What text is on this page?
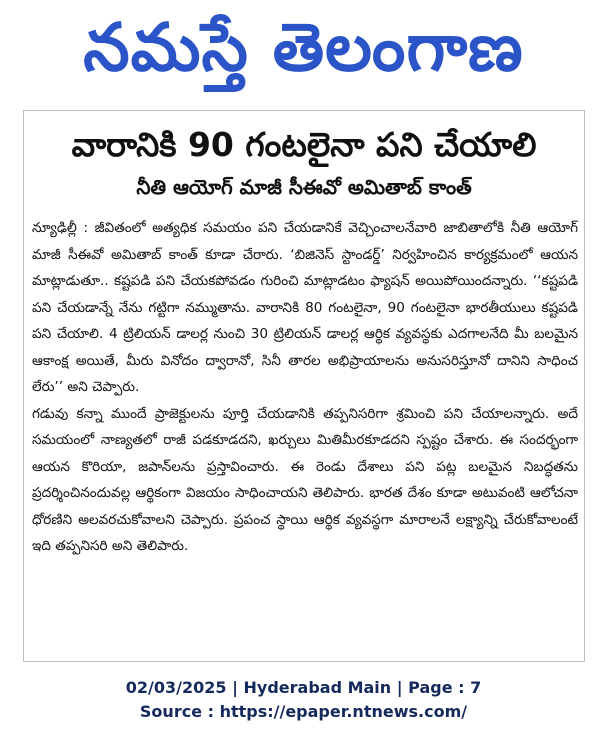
నమస్తే తెలంగాణ
వారానికి 90 గంటలైనా పని చేయాలి
నీతి ఆయోగ్ మాజీ సీఈవో అమితాబ్ కాంత్

న్యూఢిల్లీ : జీవితంలో అత్యధిక సమయం పని చేయడానికే వెచ్చించాలనేవారి జాబితాలోకి నీతి ఆయోగ్ మాజీ సీఈవో అమితాబ్ కాంత్ కూడా చేరారు. ‘బిజినెస్ స్టాండర్డ్’ నిర్వహించిన కార్యక్రమంలో ఆయన మాట్లాడుతూ.. కష్టపడి పని చేయకపోవడం గురించి మాట్లాడటం ఫ్యాషన్ అయిపోయిందన్నారు. ‘‘కష్టపడి పని చేయడాన్నే నేను గట్టిగా నమ్ముతాను. వారానికి 80 గంటలైనా, 90 గంటలైనా భారతీయులు కష్టపడి పని చేయాలి. 4 ట్రిలియన్ డాలర్ల నుంచి 30 ట్రిలియన్ డాలర్ల ఆర్థిక వ్యవస్థకు ఎదగాలనేది మీ బలమైన ఆకాంక్ష అయితే, మీరు వినోదం ద్వారానో, సినీ తారల అభిప్రాయాలను అనుసరిస్తూనో దానిని సాధించ లేరు’’ అని చెప్పారు.

గడువు కన్నా ముందే ప్రాజెక్టులను పూర్తి చేయడానికి తప్పనిసరిగా శ్రమించి పని చేయాలన్నారు. అదే సమయంలో నాణ్యతలో రాజీ పడకూడదని, ఖర్చులు మితిమీరకూడదని స్పష్టం చేశారు. ఈ సందర్భంగా ఆయన కొరియా, జపాన్‌లను ప్రస్తావించారు. ఈ రెండు దేశాలు పని పట్ల బలమైన నిబద్ధతను ప్రదర్శించినందువల్ల ఆర్థికంగా విజయం సాధించాయని తెలిపారు. భారత దేశం కూడా అటువంటి ఆలోచనా ధోరణిని అలవరచుకోవాలని చెప్పారు. ప్రపంచ స్థాయి ఆర్థిక వ్యవస్థగా మారాలనే లక్ష్యాన్ని చేరుకోవాలంటే ఇది తప్పనిసరి అని తెలిపారు.

02/03/2025 | Hyderabad Main | Page : 7
Source : https://epaper.ntnews.com/
